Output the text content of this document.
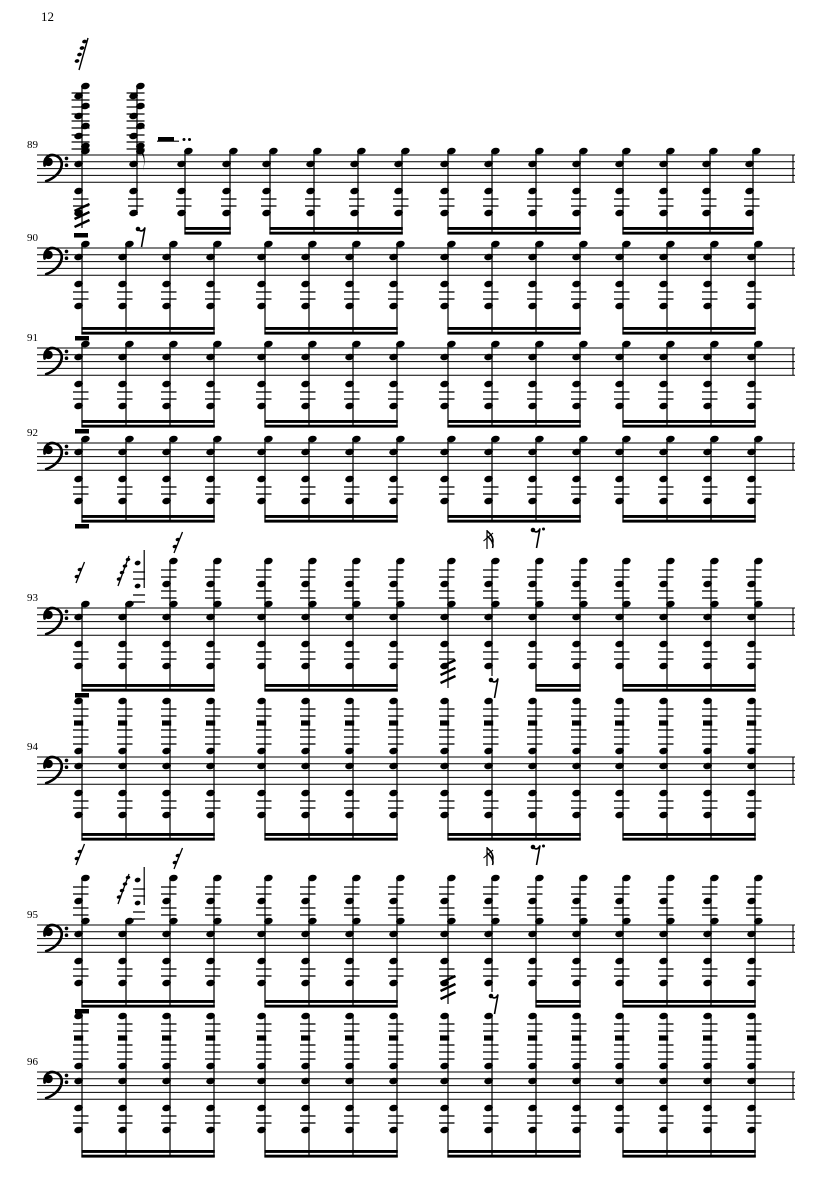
12
89
90
91
92
93
94
95
96
